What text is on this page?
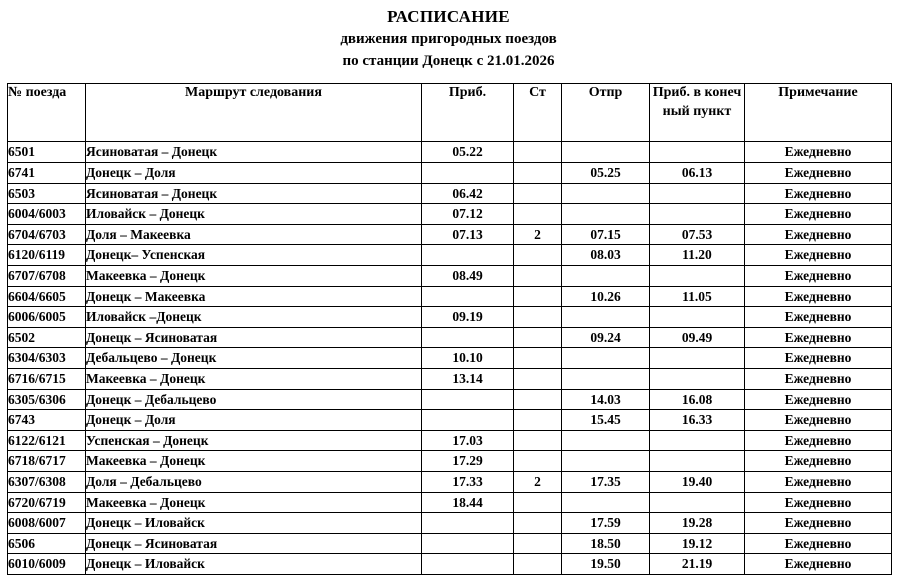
РАСПИСАНИЕ
движения пригородных поездов
по станции Донецк с 21.01.2026
№ поезда	Маршрут следования	Приб.	Ст	Отпр	Приб. в конечный пункт	Примечание
6501	Ясиноватая – Донецк	05.22				Ежедневно
6741	Донецк – Доля			05.25	06.13	Ежедневно
6503	Ясиноватая – Донецк	06.42				Ежедневно
6004/6003	Иловайск – Донецк	07.12				Ежедневно
6704/6703	Доля – Макеевка	07.13	2	07.15	07.53	Ежедневно
6120/6119	Донецк– Успенская			08.03	11.20	Ежедневно
6707/6708	Макеевка – Донецк	08.49				Ежедневно
6604/6605	Донецк – Макеевка			10.26	11.05	Ежедневно
6006/6005	Иловайск –Донецк	09.19				Ежедневно
6502	Донецк – Ясиноватая			09.24	09.49	Ежедневно
6304/6303	Дебальцево – Донецк	10.10				Ежедневно
6716/6715	Макеевка – Донецк	13.14				Ежедневно
6305/6306	Донецк – Дебальцево			14.03	16.08	Ежедневно
6743	Донецк – Доля			15.45	16.33	Ежедневно
6122/6121	Успенская – Донецк	17.03				Ежедневно
6718/6717	Макеевка – Донецк	17.29				Ежедневно
6307/6308	Доля – Дебальцево	17.33	2	17.35	19.40	Ежедневно
6720/6719	Макеевка – Донецк	18.44				Ежедневно
6008/6007	Донецк – Иловайск			17.59	19.28	Ежедневно
6506	Донецк – Ясиноватая			18.50	19.12	Ежедневно
6010/6009	Донецк – Иловайск			19.50	21.19	Ежедневно
